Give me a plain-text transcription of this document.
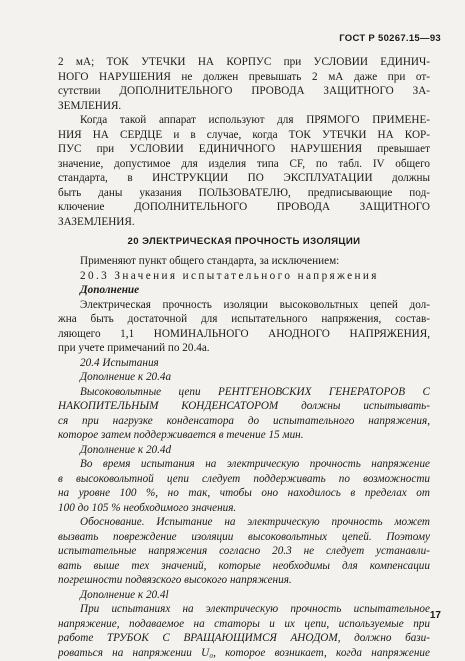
ГОСТ Р 50267.15—93
2 мА; ТОК УТЕЧКИ НА КОРПУС при УСЛОВИИ ЕДИНИЧ-
НОГО НАРУШЕНИЯ не должен превышать 2 мА даже при от-
сутствии ДОПОЛНИТЕЛЬНОГО ПРОВОДА ЗАЩИТНОГО ЗА-
ЗЕМЛЕНИЯ.
Когда такой аппарат используют для ПРЯМОГО ПРИМЕНЕ-
НИЯ НА СЕРДЦЕ и в случае, когда ТОК УТЕЧКИ НА КОР-
ПУС при УСЛОВИИ ЕДИНИЧНОГО НАРУШЕНИЯ превышает
значение, допустимое для изделия типа CF, по табл. IV общего
стандарта, в ИНСТРУКЦИИ ПО ЭКСПЛУАТАЦИИ должны
быть даны указания ПОЛЬЗОВАТЕЛЮ, предписывающие под-
ключение ДОПОЛНИТЕЛЬНОГО ПРОВОДА ЗАЩИТНОГО
ЗАЗЕМЛЕНИЯ.
20 ЭЛЕКТРИЧЕСКАЯ ПРОЧНОСТЬ ИЗОЛЯЦИИ
Применяют пункт общего стандарта, за исключением:
20.3 Значения испытательного напряжения
Дополнение
Электрическая прочность изоляции высоковольтных цепей дол-
жна быть достаточной для испытательного напряжения, состав-
ляющего 1,1 НОМИНАЛЬНОГО АНОДНОГО НАПРЯЖЕНИЯ,
при учете примечаний по 20.4а.
20.4 Испытания
Дополнение к 20.4а
Высоковольтные цепи РЕНТГЕНОВСКИХ ГЕНЕРАТОРОВ С
НАКОПИТЕЛЬНЫМ КОНДЕНСАТОРОМ должны испытывать-
ся при нагрузке конденсатора до испытательного напряжения,
которое затем поддерживается в течение 15 мин.
Дополнение к 20.4d
Во время испытания на электрическую прочность напряжение
в высоковольтной цепи следует поддерживать по возможности
на уровне 100 %, но так, чтобы оно находилось в пределах от
100 до 105 % необходимого значения.
Обоснование. Испытание на электрическую прочность может
вызвать повреждение изоляции высоковольтных цепей. Поэтому
испытательные напряжения согласно 20.3 не следует устанавли-
вать выше тех значений, которые необходимы для компенсации
погрешности подвязского высокого напряжения.
Дополнение к 20.4l
При испытаниях на электрическую прочность испытательное
напряжение, подаваемое на статоры и их цепи, используемые при
работе ТРУБОК С ВРАЩАЮЩИМСЯ АНОДОМ, должно бази-
роваться на напряжении U₀, которое возникает, когда напряжение
17
